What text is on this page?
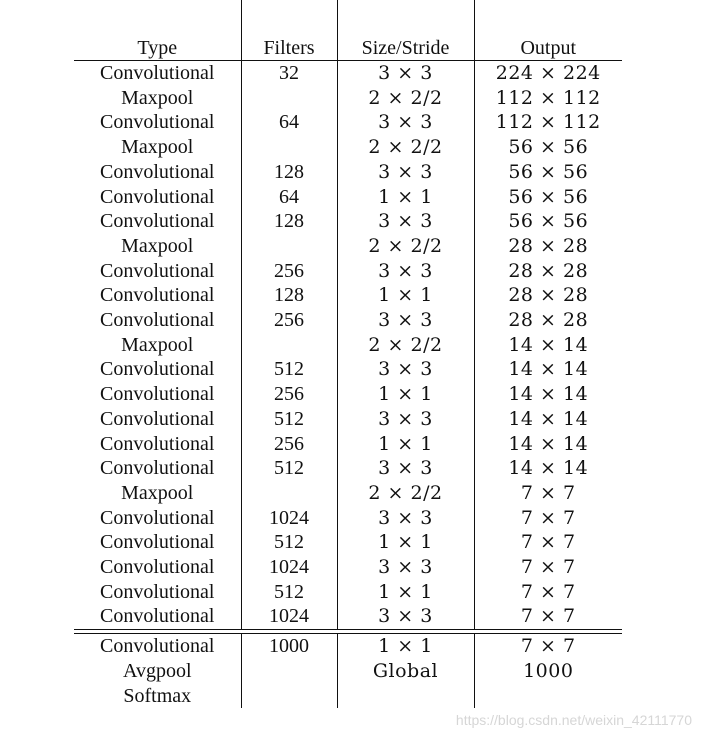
Type	Filters	Size/Stride	Output
Convolutional	32	3 × 3	224 × 224
Maxpool		2 × 2/2	112 × 112
Convolutional	64	3 × 3	112 × 112
Maxpool		2 × 2/2	56 × 56
Convolutional	128	3 × 3	56 × 56
Convolutional	64	1 × 1	56 × 56
Convolutional	128	3 × 3	56 × 56
Maxpool		2 × 2/2	28 × 28
Convolutional	256	3 × 3	28 × 28
Convolutional	128	1 × 1	28 × 28
Convolutional	256	3 × 3	28 × 28
Maxpool		2 × 2/2	14 × 14
Convolutional	512	3 × 3	14 × 14
Convolutional	256	1 × 1	14 × 14
Convolutional	512	3 × 3	14 × 14
Convolutional	256	1 × 1	14 × 14
Convolutional	512	3 × 3	14 × 14
Maxpool		2 × 2/2	7 × 7
Convolutional	1024	3 × 3	7 × 7
Convolutional	512	1 × 1	7 × 7
Convolutional	1024	3 × 3	7 × 7
Convolutional	512	1 × 1	7 × 7
Convolutional	1024	3 × 3	7 × 7

Convolutional	1000	1 × 1	7 × 7
Avgpool		Global	1000
Softmax			
https://blog.csdn.net/weixin_42111770
